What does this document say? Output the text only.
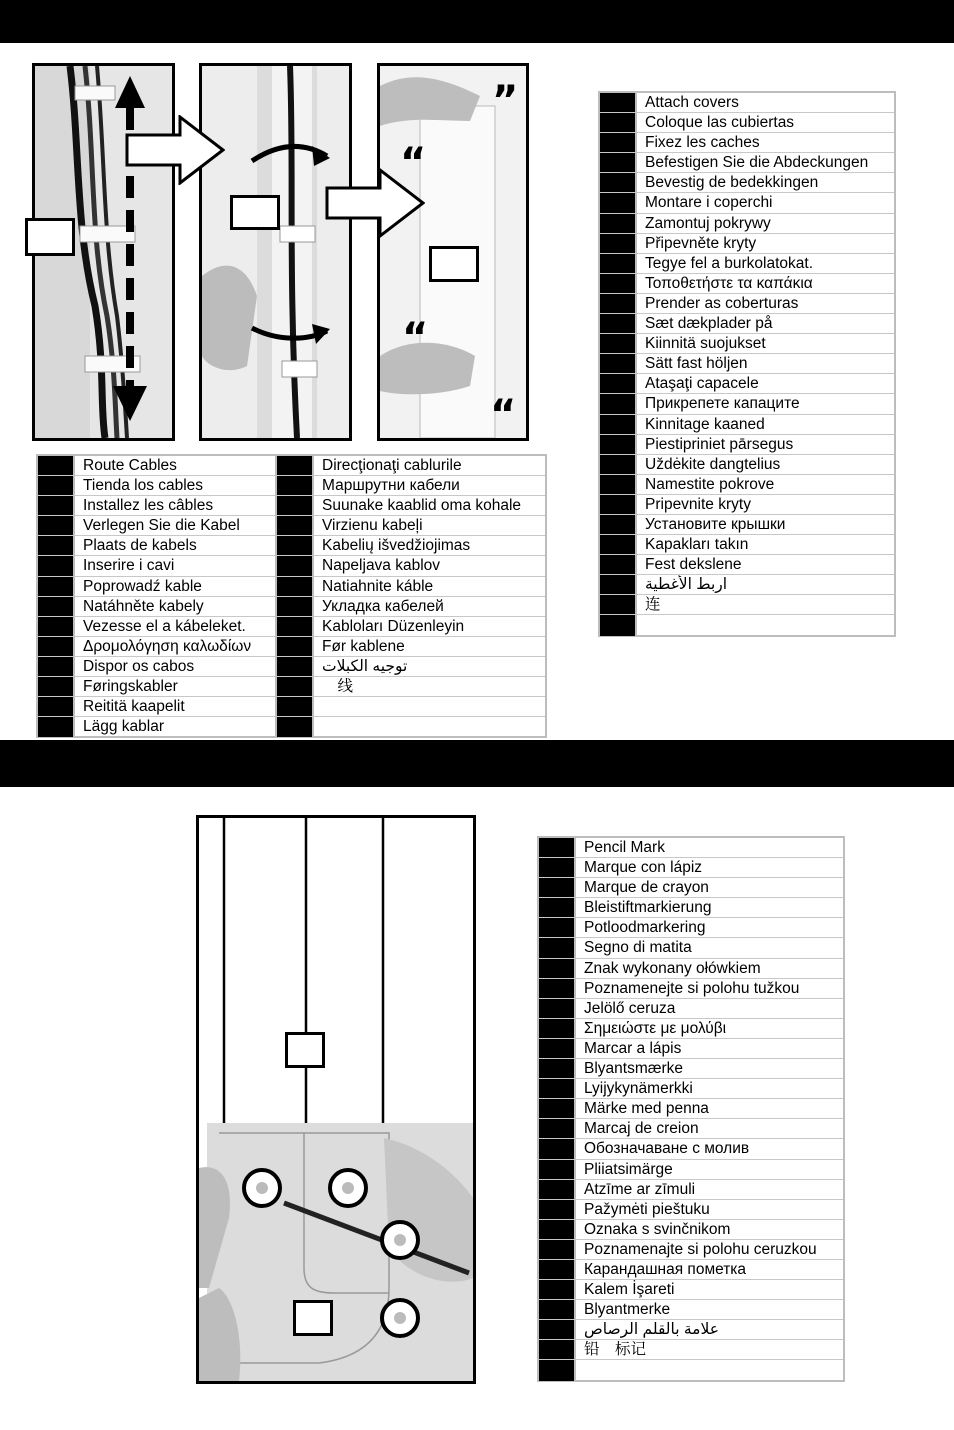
”
“
“
“
Route Cables
Tienda los cables
Installez les câbles
Verlegen Sie die Kabel
Plaats de kabels
Inserire i cavi
Poprowadź kable
Natáhněte kabely
Vezesse el a kábeleket.
Δρομολόγηση καλωδίων
Dispor os cabos
Føringskabler
Reititä kaapelit
Lägg kablar
Direcţionaţi cablurile
Маршрутни кабели
Suunake kaablid oma kohale
Virzienu kabeļi
Kabelių išvedžiojimas
Napeljava kablov
Natiahnite káble
Укладка кабелей
Kabloları Düzenleyin
Før kablene
توجيه الكبلات
　线
Attach covers
Coloque las cubiertas
Fixez les caches
Befestigen Sie die Abdeckungen
Bevestig de bedekkingen
Montare i coperchi
Zamontuj pokrywy
Připevněte kryty
Tegye fel a burkolatokat.
Τοποθετήστε τα καπάκια
Prender as coberturas
Sæt dækplader på
Kiinnitä suojukset
Sätt fast höljen
Ataşaţi capacele
Прикрепете капаците
Kinnitage kaaned
Piestipriniet pārsegus
Uždėkite dangtelius
Namestite pokrove
Pripevnite kryty
Установите крышки
Kapakları takın
Fest dekslene
اربط الأغطية
连
Pencil Mark
Marque con lápiz
Marque de crayon
Bleistiftmarkierung
Potloodmarkering
Segno di matita
Znak wykonany ołówkiem
Poznamenejte si polohu tužkou
Jelölő ceruza
Σημειώστε με μολύβι
Marcar a lápis
Blyantsmærke
Lyijykynämerkki
Märke med penna
Marcaj de creion
Обозначаване с молив
Pliiatsimärge
Atzīme ar zīmuli
Pažymėti pieštuku
Oznaka s svinčnikom
Poznamenajte si polohu ceruzkou
Карандашная пометка
Kalem İşareti
Blyantmerke
علامة بالقلم الرصاص
铅　标记
